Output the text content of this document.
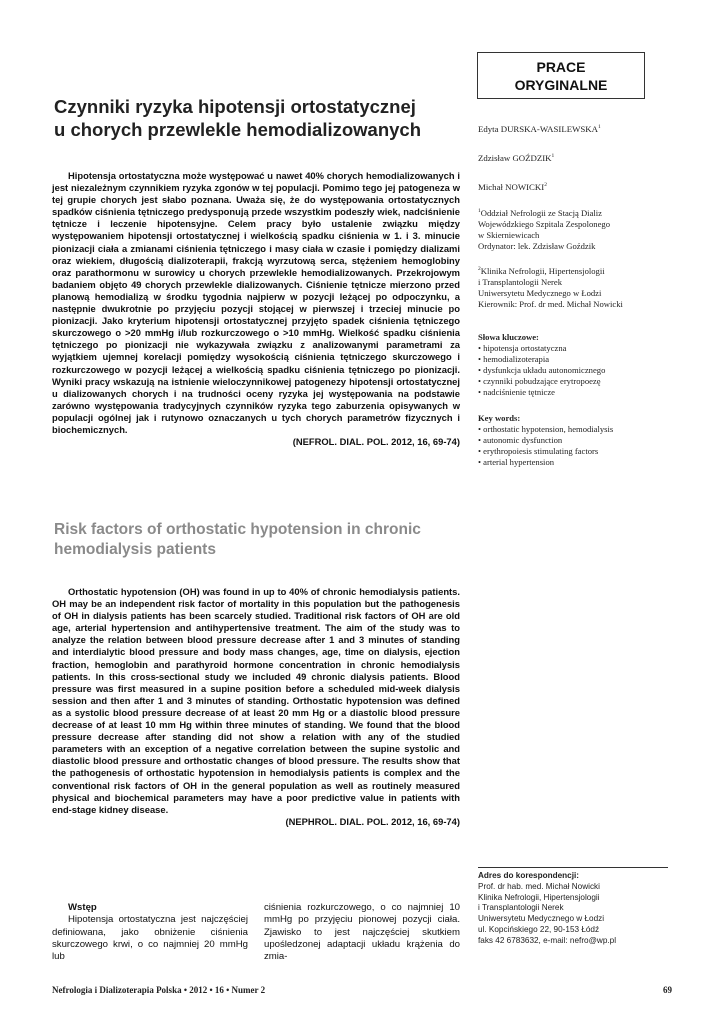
PRACE
ORYGINALNE
Czynniki ryzyka hipotensji ortostatycznej
u chorych przewlekle hemodializowanych

Hipotensja ortostatyczna może występować u nawet 40% chorych hemodializowanych i jest niezależnym czynnikiem ryzyka zgonów w tej populacji. Pomimo tego jej patogeneza w tej grupie chorych jest słabo poznana. Uważa się, że do występowania ortostatycznych spadków ciśnienia tętniczego predysponują przede wszystkim podeszły wiek, nadciśnienie tętnicze i leczenie hipotensyjne. Celem pracy było ustalenie związku między występowaniem hipotensji ortostatycznej i wielkością spadku ciśnienia w 1. i 3. minucie pionizacji ciała a zmianami ciśnienia tętniczego i masy ciała w czasie i pomiędzy dializami oraz wiekiem, długością dializoterapii, frakcją wyrzutową serca, stężeniem hemoglobiny oraz parathormonu w surowicy u chorych przewlekle hemodializowanych. Przekrojowym badaniem objęto 49 chorych przewlekle dializowanych. Ciśnienie tętnicze mierzono przed planową hemodializą w środku tygodnia najpierw w pozycji leżącej po odpoczynku, a następnie dwukrotnie po przyjęciu pozycji stojącej w pierwszej i trzeciej minucie po pionizacji. Jako kryterium hipotensji ortostatycznej przyjęto spadek ciśnienia tętniczego skurczowego o >20 mmHg i/lub rozkurczowego o >10 mmHg. Wielkość spadku ciśnienia tętniczego po pionizacji nie wykazywała związku z analizowanymi parametrami za wyjątkiem ujemnej korelacji pomiędzy wysokością ciśnienia tętniczego skurczowego i rozkurczowego w pozycji leżącej a wielkością spadku ciśnienia tętniczego po pionizacji. Wyniki pracy wskazują na istnienie wieloczynnikowej patogenezy hipotensji ortostatycznej u dializowanych chorych i na trudności oceny ryzyka jej występowania na podstawie zarówno występowania tradycyjnych czynników ryzyka tego zaburzenia opisywanych w populacji ogólnej jak i rutynowo oznaczanych u tych chorych parametrów fizycznych i biochemicznych.

(NEFROL. DIAL. POL. 2012, 16, 69-74)

Risk factors of orthostatic hypotension in chronic
hemodialysis patients

Orthostatic hypotension (OH) was found in up to 40% of chronic hemodialysis patients. OH may be an independent risk factor of mortality in this population but the pathogenesis of OH in dialysis patients has been scarcely studied. Traditional risk factors of OH are old age, arterial hypertension and antihypertensive treatment. The aim of the study was to analyze the relation between blood pressure decrease after 1 and 3 minutes of standing and interdialytic blood pressure and body mass changes, age, time on dialysis, ejection fraction, hemoglobin and parathyroid hormone concentration in chronic hemodialysis patients. In this cross-sectional study we included 49 chronic dialysis patients. Blood pressure was first measured in a supine position before a scheduled mid-week dialysis session and then after 1 and 3 minutes of standing. Orthostatic hypotension was defined as a systolic blood pressure decrease of at least 20 mm Hg or a diastolic blood pressure decrease of at least 10 mm Hg within three minutes of standing. We found that the blood pressure decrease after standing did not show a relation with any of the studied parameters with an exception of a negative correlation between the supine systolic and diastolic blood pressure and orthostatic changes of blood pressure. The results show that the pathogenesis of orthostatic hypotension in hemodialysis patients is complex and the conventional risk factors of OH in the general population as well as routinely measured physical and biochemical parameters may have a poor predictive value in patients with end-stage kidney disease.

(NEPHROL. DIAL. POL. 2012, 16, 69-74)

Edyta DURSKA-WASILEWSKA$^1$
Zdzisław GOŹDZIK$^1$
Michał NOWICKI$^2$
$^1$Oddział Nefrologii ze Stacją Dializ
Wojewódzkiego Szpitala Zespolonego
w Skierniewicach
Ordynator: lek. Zdzisław Goździk
$^2$Klinika Nefrologii, Hipertensjologii
i Transplantologii Nerek
Uniwersytetu Medycznego w Łodzi
Kierownik: Prof. dr med. Michał Nowicki
Słowa kluczowe:
• hipotensja ortostatyczna
• hemodializoterapia
• dysfunkcja układu autonomicznego
• czynniki pobudzające erytropoezę
• nadciśnienie tętnicze
Key words:
• orthostatic hypotension, hemodialysis
• autonomic dysfunction
• erythropoiesis stimulating factors
• arterial hypertension
Adres do korespondencji:
Prof. dr hab. med. Michał Nowicki
Klinika Nefrologii, Hipertensjologii
i Transplantologii Nerek
Uniwersytetu Medycznego w Łodzi
ul. Kopcińskiego 22, 90-153 Łódź
faks 42 6783632, e-mail: nefro@wp.pl

Wstęp

Hipotensja ortostatyczna jest najczęściej definiowana, jako obniżenie ciśnienia skurczowego krwi, o co najmniej 20 mmHg lub

ciśnienia rozkurczowego, o co najmniej 10 mmHg po przyjęciu pionowej pozycji ciała. Zjawisko to jest najczęściej skutkiem upośledzonej adaptacji układu krążenia do zmia-

Nefrologia i Dializoterapia Polska • 2012 • 16 • Numer 2	69
